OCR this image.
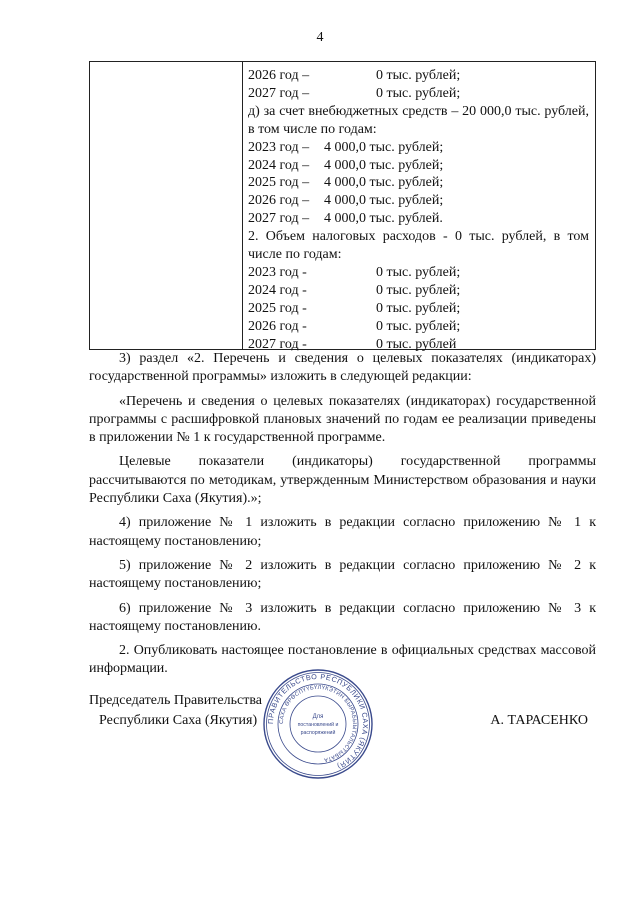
4
2026 год –	0 тыс. рублей;
2027 год –	0 тыс. рублей;
д) за счет внебюджетных средств – 20 000,0 тыс. рублей, в том числе по годам:
2023 год –	4 000,0 тыс. рублей;
2024 год –	4 000,0 тыс. рублей;
2025 год –	4 000,0 тыс. рублей;
2026 год –	4 000,0 тыс. рублей;
2027 год –	4 000,0 тыс. рублей.
2. Объем налоговых расходов - 0 тыс. рублей, в том числе по годам:
2023 год -	0 тыс. рублей;
2024 год -	0 тыс. рублей;
2025 год -	0 тыс. рублей;
2026 год -	0 тыс. рублей;
2027 год -	0 тыс. рублей

3) раздел «2. Перечень и сведения о целевых показателях (индикаторах) государственной программы» изложить в следующей редакции:

«Перечень и сведения о целевых показателях (индикаторах) государственной программы с расшифровкой плановых значений по годам ее реализации приведены в приложении № 1 к государственной программе.

Целевые показатели (индикаторы) государственной программы рассчитываются по методикам, утвержденным Министерством образования и науки Республики Саха (Якутия).»;

4) приложение № 1 изложить в редакции согласно приложению № 1 к настоящему постановлению;

5) приложение № 2 изложить в редакции согласно приложению № 2 к настоящему постановлению;

6) приложение № 3 изложить в редакции согласно приложению № 3 к настоящему постановлению.

2. Опубликовать настоящее постановление в официальных средствах массовой информации.

Председатель Правительства
Республики Саха (Якутия)	А. ТАРАСЕНКО
ПРАВИТЕЛЬСТВО РЕСПУБЛИКИ САХА (ЯКУТИЯ)
САХА ӨРӨСПҮҮБҮЛҮКЭТИН БЫРАБЫЫТАЛЬСТЫБАТА
Для
постановлений и
распоряжений
